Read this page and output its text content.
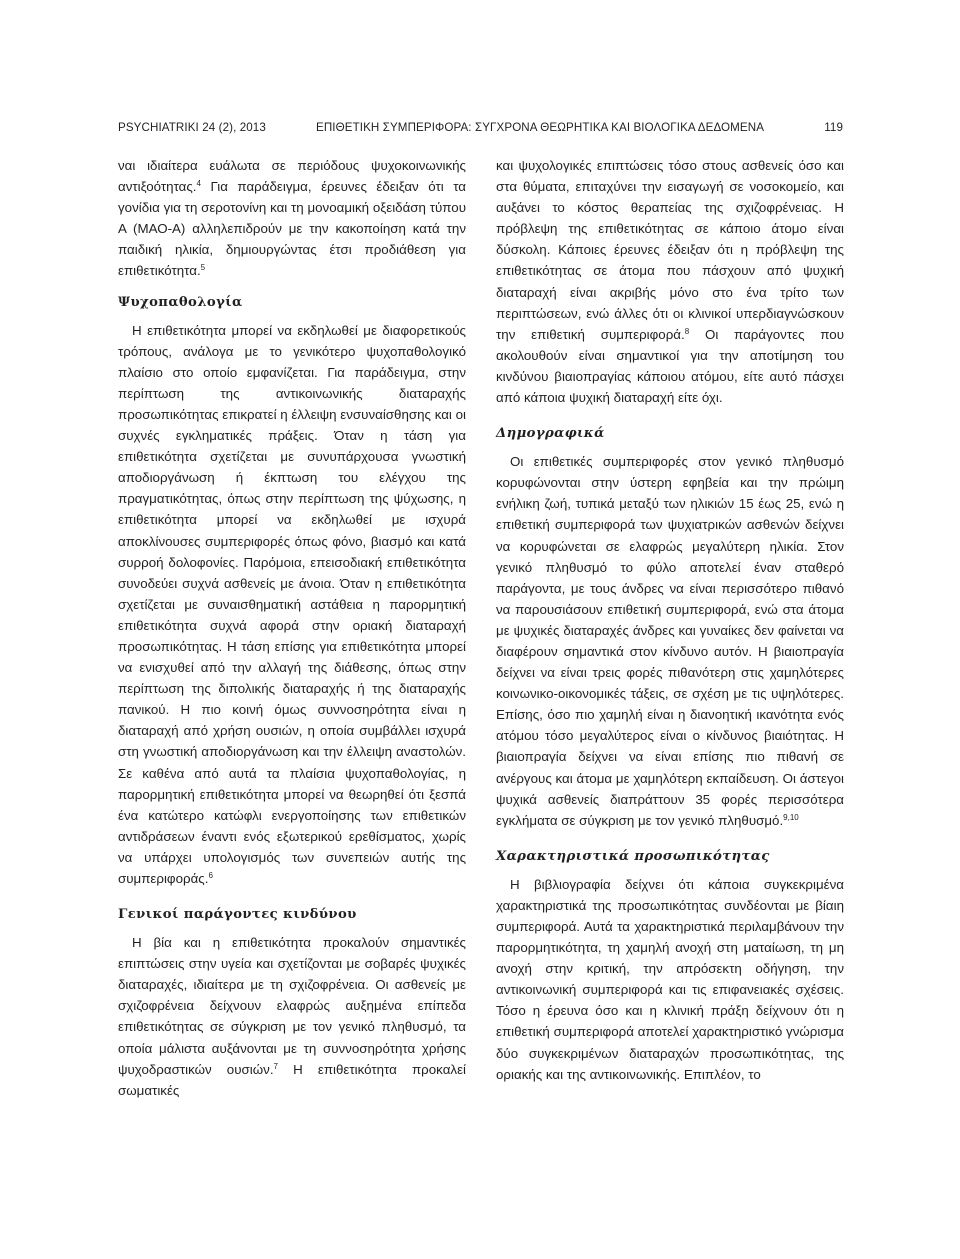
PSYCHIATRIKI 24 (2), 2013	ΕΠΙΘΕΤΙΚΗ ΣΥΜΠΕΡΙΦΟΡΑ: ΣΥΓΧΡΟΝΑ ΘΕΩΡΗΤΙΚΑ ΚΑΙ ΒΙΟΛΟΓΙΚΑ ΔΕΔΟΜΕΝΑ	119

ναι ιδιαίτερα ευάλωτα σε περιόδους ψυχοκοινωνικής αντιξοότητας.$^4$ Για παράδειγμα, έρευνες έδειξαν ότι τα γονίδια για τη σεροτονίνη και τη μονοαμική οξειδάση τύπου Α (ΜΑΟ-Α) αλληλεπιδρούν με την κακοποίηση κατά την παιδική ηλικία, δημιουργώντας έτσι προδιάθεση για επιθετικότητα.$^5$

Ψυχοπαθολογία

Η επιθετικότητα μπορεί να εκδηλωθεί με διαφορετικούς τρόπους, ανάλογα με το γενικότερο ψυχοπαθολογικό πλαίσιο στο οποίο εμφανίζεται. Για παράδειγμα, στην περίπτωση της αντικοινωνικής διαταραχής προσωπικότητας επικρατεί η έλλειψη ενσυναίσθησης και οι συχνές εγκληματικές πράξεις. Όταν η τάση για επιθετικότητα σχετίζεται με συνυπάρχουσα γνωστική αποδιοργάνωση ή έκπτωση του ελέγχου της πραγματικότητας, όπως στην περίπτωση της ψύχωσης, η επιθετικότητα μπορεί να εκδηλωθεί με ισχυρά αποκλίνουσες συμπεριφορές όπως φόνο, βιασμό και κατά συρροή δολοφονίες. Παρόμοια, επεισοδιακή επιθετικότητα συνοδεύει συχνά ασθενείς με άνοια. Όταν η επιθετικότητα σχετίζεται με συναισθηματική αστάθεια η παρορμητική επιθετικότητα συχνά αφορά στην οριακή διαταραχή προσωπικότητας. Η τάση επίσης για επιθετικότητα μπορεί να ενισχυθεί από την αλλαγή της διάθεσης, όπως στην περίπτωση της διπολικής διαταραχής ή της διαταραχής πανικού. Η πιο κοινή όμως συννοσηρότητα είναι η διαταραχή από χρήση ουσιών, η οποία συμβάλλει ισχυρά στη γνωστική αποδιοργάνωση και την έλλειψη αναστολών. Σε καθένα από αυτά τα πλαίσια ψυχοπαθολογίας, η παρορμητική επιθετικότητα μπορεί να θεωρηθεί ότι ξεσπά ένα κατώτερο κατώφλι ενεργοποίησης των επιθετικών αντιδράσεων έναντι ενός εξωτερικού ερεθίσματος, χωρίς να υπάρχει υπολογισμός των συνεπειών αυτής της συμπεριφοράς.$^6$

Γενικοί παράγοντες κινδύνου

Η βία και η επιθετικότητα προκαλούν σημαντικές επιπτώσεις στην υγεία και σχετίζονται με σοβαρές ψυχικές διαταραχές, ιδιαίτερα με τη σχιζοφρένεια. Οι ασθενείς με σχιζοφρένεια δείχνουν ελαφρώς αυξημένα επίπεδα επιθετικότητας σε σύγκριση με τον γενικό πληθυσμό, τα οποία μάλιστα αυξάνονται με τη συννοσηρότητα χρήσης ψυχοδραστικών ουσιών.$^7$ Η επιθετικότητα προκαλεί σωματικές

και ψυχολογικές επιπτώσεις τόσο στους ασθενείς όσο και στα θύματα, επιταχύνει την εισαγωγή σε νοσοκομείο, και αυξάνει το κόστος θεραπείας της σχιζοφρένειας. Η πρόβλεψη της επιθετικότητας σε κάποιο άτομο είναι δύσκολη. Κάποιες έρευνες έδειξαν ότι η πρόβλεψη της επιθετικότητας σε άτομα που πάσχουν από ψυχική διαταραχή είναι ακριβής μόνο στο ένα τρίτο των περιπτώσεων, ενώ άλλες ότι οι κλινικοί υπερδιαγνώσκουν την επιθετική συμπεριφορά.$^8$ Οι παράγοντες που ακολουθούν είναι σημαντικοί για την αποτίμηση του κινδύνου βιαιοπραγίας κάποιου ατόμου, είτε αυτό πάσχει από κάποια ψυχική διαταραχή είτε όχι.

Δημογραφικά

Οι επιθετικές συμπεριφορές στον γενικό πληθυσμό κορυφώνονται στην ύστερη εφηβεία και την πρώιμη ενήλικη ζωή, τυπικά μεταξύ των ηλικιών 15 έως 25, ενώ η επιθετική συμπεριφορά των ψυχιατρικών ασθενών δείχνει να κορυφώνεται σε ελαφρώς μεγαλύτερη ηλικία. Στον γενικό πληθυσμό το φύλο αποτελεί έναν σταθερό παράγοντα, με τους άνδρες να είναι περισσότερο πιθανό να παρουσιάσουν επιθετική συμπεριφορά, ενώ στα άτομα με ψυχικές διαταραχές άνδρες και γυναίκες δεν φαίνεται να διαφέρουν σημαντικά στον κίνδυνο αυτόν. Η βιαιοπραγία δείχνει να είναι τρεις φορές πιθανότερη στις χαμηλότερες κοινωνικο-οικονομικές τάξεις, σε σχέση με τις υψηλότερες. Επίσης, όσο πιο χαμηλή είναι η διανοητική ικανότητα ενός ατόμου τόσο μεγαλύτερος είναι ο κίνδυνος βιαιότητας. Η βιαιοπραγία δείχνει να είναι επίσης πιο πιθανή σε ανέργους και άτομα με χαμηλότερη εκπαίδευση. Οι άστεγοι ψυχικά ασθενείς διαπράττουν 35 φορές περισσότερα εγκλήματα σε σύγκριση με τον γενικό πληθυσμό.$^{9,10}$

Χαρακτηριστικά προσωπικότητας

Η βιβλιογραφία δείχνει ότι κάποια συγκεκριμένα χαρακτηριστικά της προσωπικότητας συνδέονται με βίαιη συμπεριφορά. Αυτά τα χαρακτηριστικά περιλαμβάνουν την παρορμητικότητα, τη χαμηλή ανοχή στη ματαίωση, τη μη ανοχή στην κριτική, την απρόσεκτη οδήγηση, την αντικοινωνική συμπεριφορά και τις επιφανειακές σχέσεις. Τόσο η έρευνα όσο και η κλινική πράξη δείχνουν ότι η επιθετική συμπεριφορά αποτελεί χαρακτηριστικό γνώρισμα δύο συγκεκριμένων διαταραχών προσωπικότητας, της οριακής και της αντικοινωνικής. Επιπλέον, το
